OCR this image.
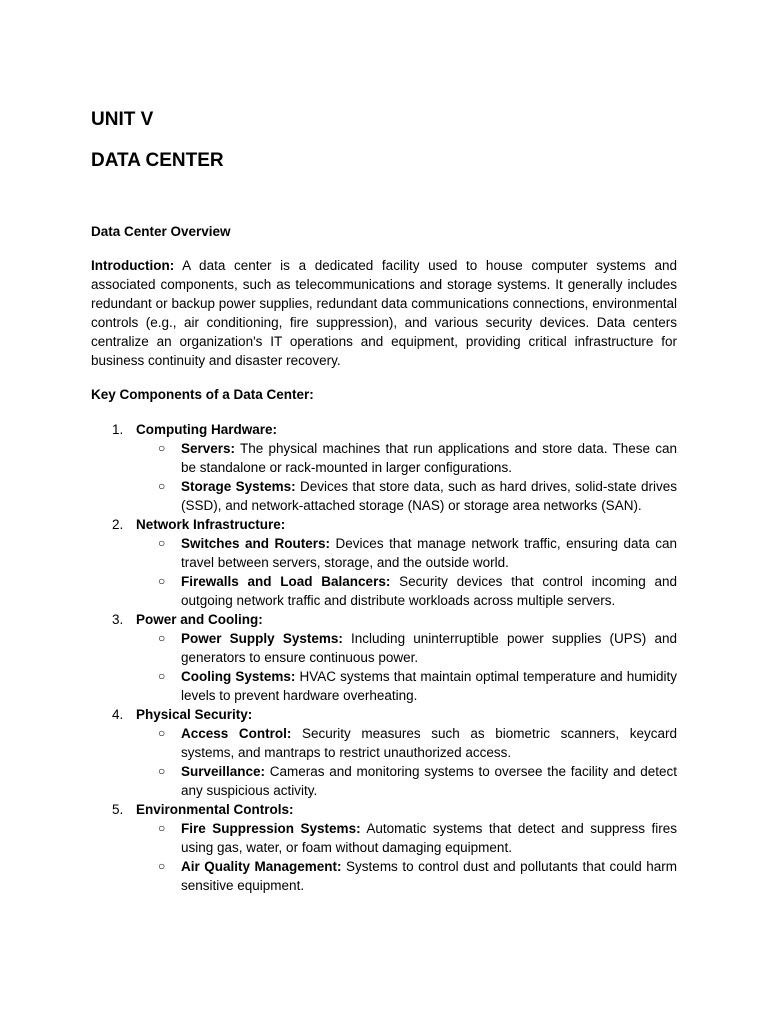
UNIT V
DATA CENTER
Data Center Overview

Introduction: A data center is a dedicated facility used to house computer systems and associated components, such as telecommunications and storage systems. It generally includes redundant or backup power supplies, redundant data communications connections, environmental controls (e.g., air conditioning, fire suppression), and various security devices. Data centers centralize an organization's IT operations and equipment, providing critical infrastructure for business continuity and disaster recovery.

Key Components of a Data Center:
1. Computing Hardware:
○ Servers: The physical machines that run applications and store data. These can be standalone or rack-mounted in larger configurations.
○ Storage Systems: Devices that store data, such as hard drives, solid-state drives (SSD), and network-attached storage (NAS) or storage area networks (SAN).
2. Network Infrastructure:
○ Switches and Routers: Devices that manage network traffic, ensuring data can travel between servers, storage, and the outside world.
○ Firewalls and Load Balancers: Security devices that control incoming and outgoing network traffic and distribute workloads across multiple servers.
3. Power and Cooling:
○ Power Supply Systems: Including uninterruptible power supplies (UPS) and generators to ensure continuous power.
○ Cooling Systems: HVAC systems that maintain optimal temperature and humidity levels to prevent hardware overheating.
4. Physical Security:
○ Access Control: Security measures such as biometric scanners, keycard systems, and mantraps to restrict unauthorized access.
○ Surveillance: Cameras and monitoring systems to oversee the facility and detect any suspicious activity.
5. Environmental Controls:
○ Fire Suppression Systems: Automatic systems that detect and suppress fires using gas, water, or foam without damaging equipment.
○ Air Quality Management: Systems to control dust and pollutants that could harm sensitive equipment.
